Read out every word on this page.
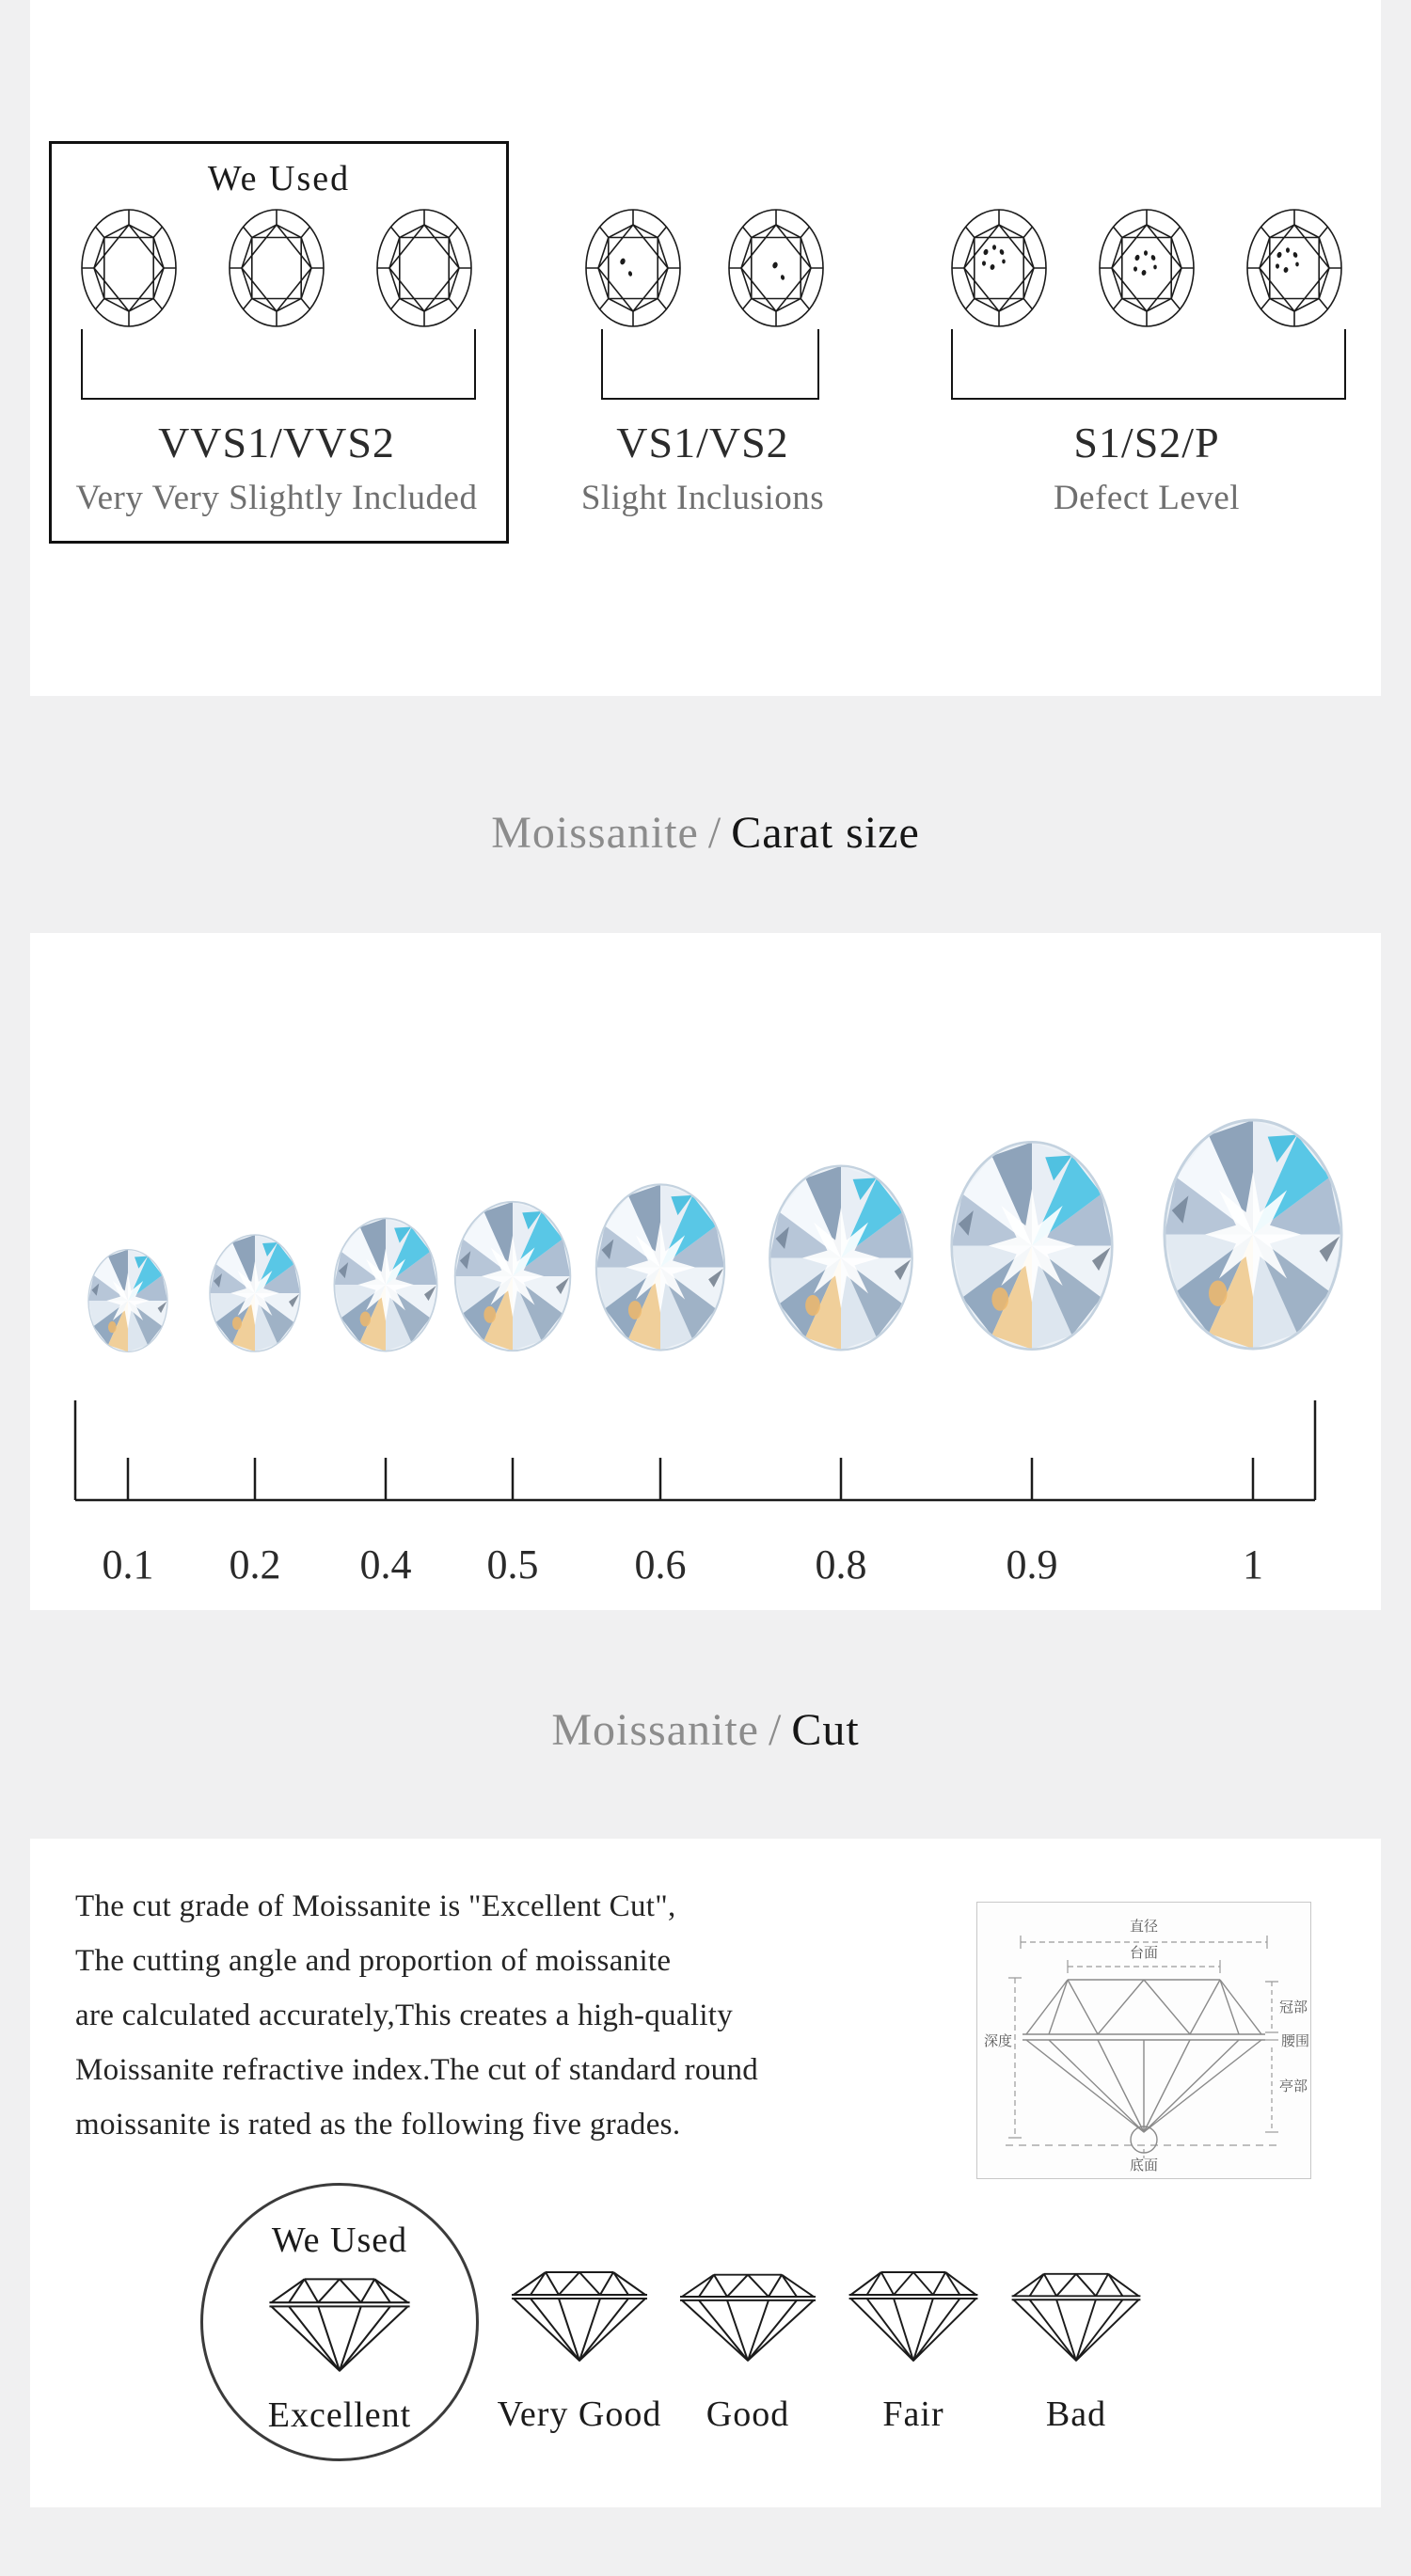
We Used
VVS1/VVS2	VS1/VS2	S1/S2/P
Very Very Slightly Included	Slight Inclusions	Defect Level
Moissanite / Carat size
0.1	0.2	0.4	0.5	0.6	0.8	0.9	1
Moissanite / Cut
The cut grade of Moissanite is "Excellent Cut",
The cutting angle and proportion of moissanite
are calculated accurately,This creates a high-quality
Moissanite refractive index.The cut of standard round
moissanite is rated as the following five grades.
直径
台面
深度
冠部
腰围
亭部
底面
We Used
Excellent	Very Good	Good	Fair	Bad
